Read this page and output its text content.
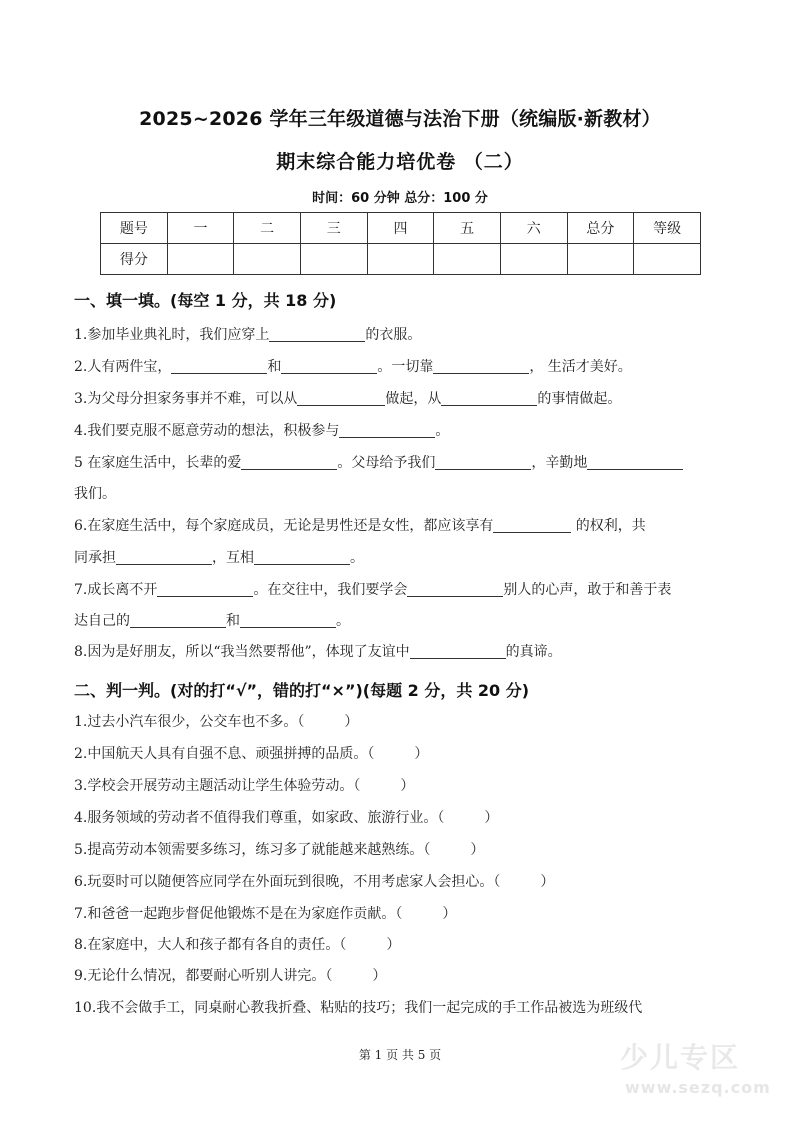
2025~2026 学年三年级道德与法治下册（统编版·新教材）
期末综合能力培优卷 （二）
时间：60 分钟 总分：100 分
题号	一	二	三	四	五	六	总分	等级
得分								
一、填一填。(每空 1 分，共 18 分)
1.参加毕业典礼时，我们应穿上	的衣服。
2.人有两件宝，	和	。一切靠	， 生活才美好。
3.为父母分担家务事并不难，可以从	做起，从	的事情做起。
4.我们要克服不愿意劳动的想法，积极参与	。
5 在家庭生活中，长辈的爱	。父母给予我们	，辛勤地
我们。
6.在家庭生活中，每个家庭成员，无论是男性还是女性，都应该享有	的权利，共
同承担	，互相	。
7.成长离不开	。在交往中，我们要学会	别人的心声，敢于和善于表
达自己的	和	。
8.因为是好朋友，所以“我当然要帮他”，体现了友谊中	的真谛。
二、判一判。(对的打“√”，错的打“×”)(每题 2 分，共 20 分)
1.过去小汽车很少，公交车也不多。（	）
2.中国航天人具有自强不息、顽强拼搏的品质。（	）
3.学校会开展劳动主题活动让学生体验劳动。（	）
4.服务领域的劳动者不值得我们尊重，如家政、旅游行业。（	）
5.提高劳动本领需要多练习，练习多了就能越来越熟练。（	）
6.玩耍时可以随便答应同学在外面玩到很晚，不用考虑家人会担心。（	）
7.和爸爸一起跑步督促他锻炼不是在为家庭作贡献。（	）
8.在家庭中，大人和孩子都有各自的责任。（	）
9.无论什么情况，都要耐心听别人讲完。（	）
10.我不会做手工，同桌耐心教我折叠、粘贴的技巧；我们一起完成的手工作品被选为班级代
第 1 页 共 5 页	少儿专区
www.sezq.com
